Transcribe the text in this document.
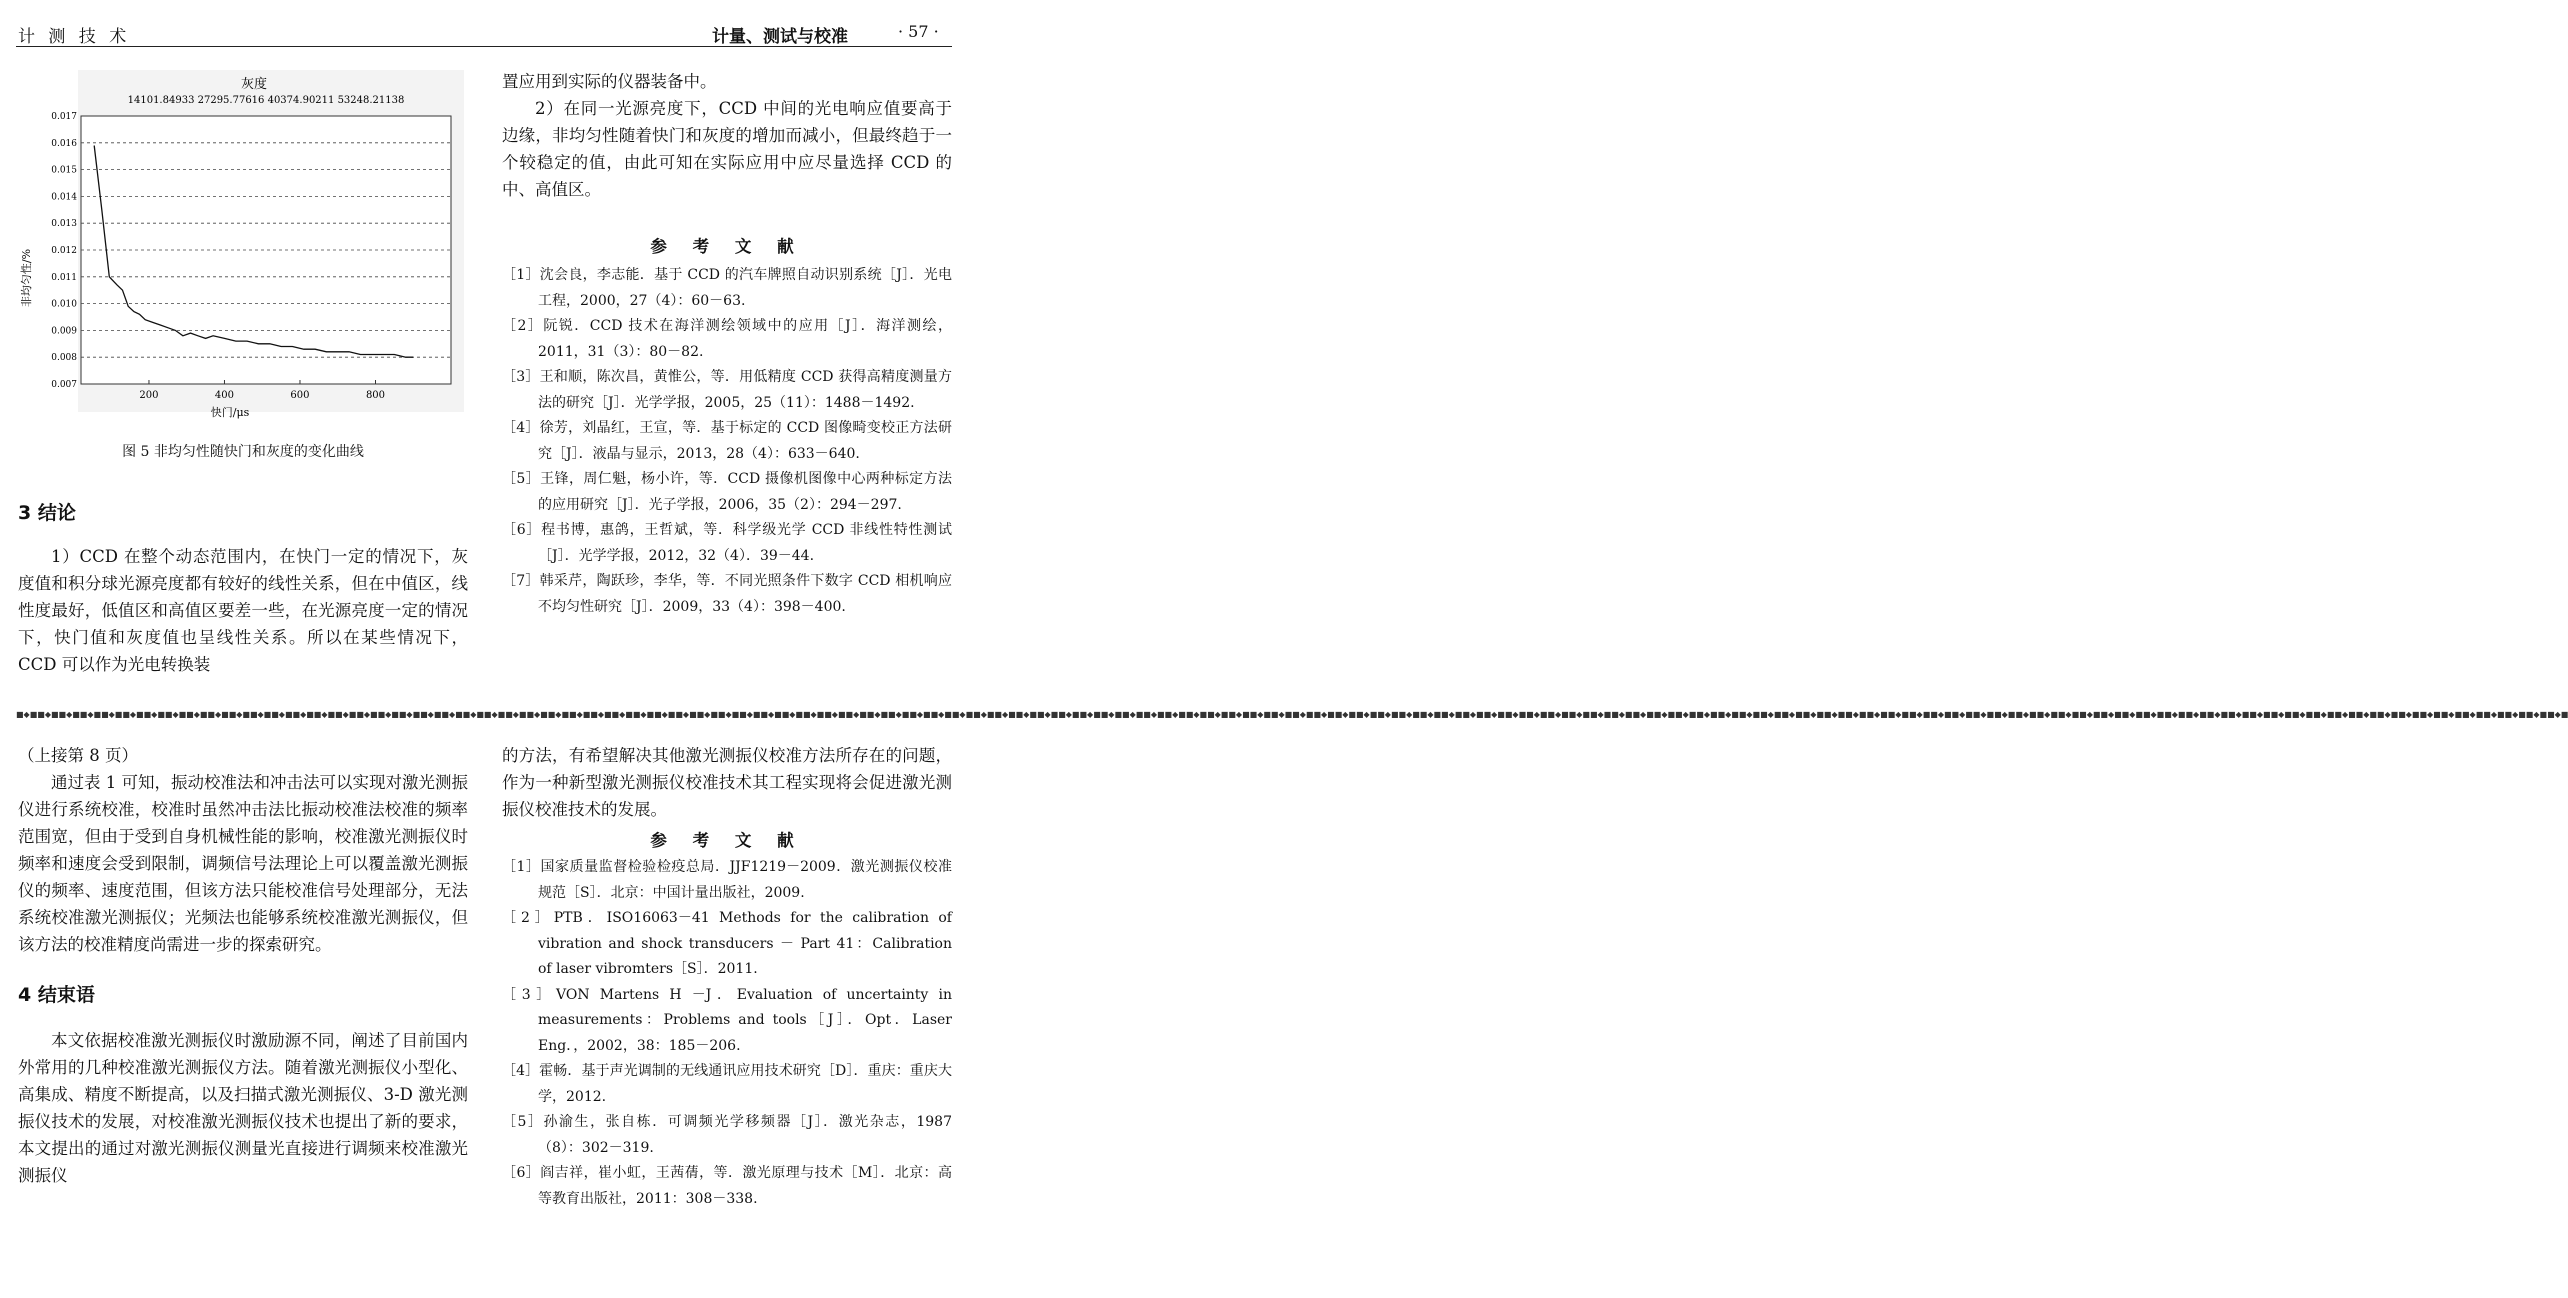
计 测 技 术	计量、测试与校准	· 57 ·
灰度
14101.84933 27295.77616 40374.90211 53248.21138
0.007
0.008
0.009
0.010
0.011
0.012
0.013
0.014
0.015
0.016
0.017
200	400	600	800
快门/μs
非均匀性/%
图 5 非均匀性随快门和灰度的变化曲线

3 结论

1）CCD 在整个动态范围内，在快门一定的情况下，灰度值和积分球光源亮度都有较好的线性关系，但在中值区，线性度最好，低值区和高值区要差一些，在光源亮度一定的情况下，快门值和灰度值也呈线性关系。所以在某些情况下，CCD 可以作为光电转换装

置应用到实际的仪器装备中。

2）在同一光源亮度下，CCD 中间的光电响应值要高于边缘，非均匀性随着快门和灰度的增加而减小，但最终趋于一个较稳定的值，由此可知在实际应用中应尽量选择 CCD 的中、高值区。

参 考 文 献

［1］沈会良，李志能．基于 CCD 的汽车牌照自动识别系统［J］．光电工程，2000，27（4）：60－63.

［2］阮锐．CCD 技术在海洋测绘领域中的应用［J］．海洋测绘，2011，31（3）：80－82.

［3］王和顺，陈次昌，黄惟公，等．用低精度 CCD 获得高精度测量方法的研究［J］．光学学报，2005，25（11）：1488－1492.

［4］徐芳，刘晶红，王宣，等．基于标定的 CCD 图像畸变校正方法研究［J］．液晶与显示，2013，28（4）：633－640.

［5］王锋，周仁魁，杨小许，等．CCD 摄像机图像中心两种标定方法的应用研究［J］．光子学报，2006，35（2）：294－297.

［6］程书博，惠鸽，王哲斌，等．科学级光学 CCD 非线性特性测试［J］．光学学报，2012，32（4）．39－44.

［7］韩采芹，陶跃珍，李华，等．不同光照条件下数字 CCD 相机响应不均匀性研究［J］．2009，33（4）：398－400.

■◆■■◆■■◆■■◆■■◆■■◆■■◆■■◆■■◆■■◆■■◆■■◆■■◆■■◆■■◆■■◆■■◆■■◆■■◆■■◆■■◆■■◆■■◆■■◆■■◆■■◆■■◆■■◆■■◆■■◆■■◆■■◆■■◆■■◆■■◆■■◆■■◆■■◆■■◆■■◆■■◆■■◆■■◆■■◆■■◆■■◆■■◆■■◆■■◆■■◆■■◆■■◆■■◆■■◆■■◆■■◆■■◆■■◆■■◆■■◆■■◆■■◆■■◆■■◆■■◆■■◆■■◆■■◆■■◆■■◆■■◆■■◆■■◆■■◆■■◆■■◆■■◆■■◆■■◆■■◆■■◆■■◆■■◆■■◆■■◆■■◆■■◆■■◆■■◆■■◆■■◆■■◆■■◆■■◆■■◆■■◆■■◆■■◆■■◆■■◆■■◆■■◆■■◆■■◆■■◆■■◆■■◆■■◆■■◆■■◆■■◆■■◆■■◆■■◆■■◆■■◆■■◆■■◆■■◆■■◆■

（上接第 8 页）

通过表 1 可知，振动校准法和冲击法可以实现对激光测振仪进行系统校准，校准时虽然冲击法比振动校准法校准的频率范围宽，但由于受到自身机械性能的影响，校准激光测振仪时频率和速度会受到限制，调频信号法理论上可以覆盖激光测振仪的频率、速度范围，但该方法只能校准信号处理部分，无法系统校准激光测振仪；光频法也能够系统校准激光测振仪，但该方法的校准精度尚需进一步的探索研究。

4 结束语

本文依据校准激光测振仪时激励源不同，阐述了目前国内外常用的几种校准激光测振仪方法。随着激光测振仪小型化、高集成、精度不断提高，以及扫描式激光测振仪、3-D 激光测振仪技术的发展，对校准激光测振仪技术也提出了新的要求，本文提出的通过对激光测振仪测量光直接进行调频来校准激光测振仪

的方法，有希望解决其他激光测振仪校准方法所存在的问题，作为一种新型激光测振仪校准技术其工程实现将会促进激光测振仪校准技术的发展。

参 考 文 献

［1］国家质量监督检验检疫总局．JJF1219－2009．激光测振仪校准规范［S］．北京：中国计量出版社，2009.

［2］PTB．ISO16063－41 Methods for the calibration of vibration and shock transducers － Part 41：Calibration of laser vibromters［S］．2011.

［3］VON Martens H －J．Evaluation of uncertainty in measurements：Problems and tools［J］．Opt．Laser Eng．，2002，38：185－206.

［4］霍畅．基于声光调制的无线通讯应用技术研究［D］．重庆：重庆大学，2012.

［5］孙渝生，张自栋．可调频光学移频器［J］．激光杂志，1987（8）：302－319.

［6］阎吉祥，崔小虹，王茜蒨，等．激光原理与技术［M］．北京：高等教育出版社，2011：308－338.
